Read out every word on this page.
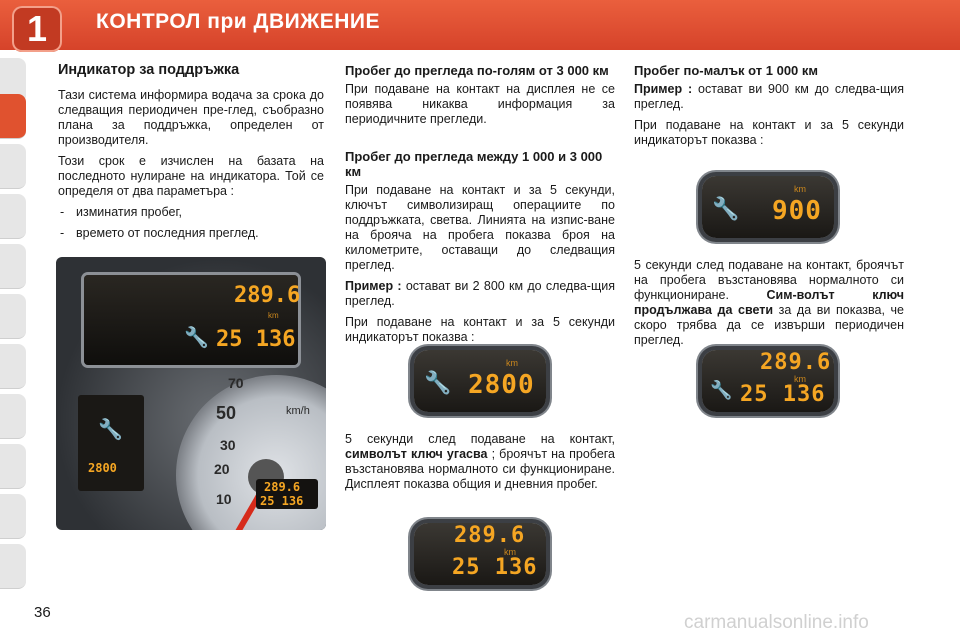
1	КОНТРОЛ при ДВИЖЕНИЕ
Индикатор за поддръжка

Тази система информира водача за срока до следващия периодичен пре-глед, съобразно плана за поддръжка, определен от производителя.

Този срок е изчислен на базата на последното нулиране на индикатора. Той се определя от два параметъра :

- изминатия пробег,
- времето от последния преглед.
289.6
km
🔧 25 136
🔧
2800
70
50
30
20
10
km/h
289.6
25 136
Пробег до прегледа по-голям от 3 000 км

При подаване на контакт на дисплея не се появява никаква информация за периодичните прегледи.

Пробег до прегледа между 1 000 и 3 000 км

При подаване на контакт и за 5 секунди, ключът символизиращ операциите по поддръжката, светва. Линията на изпис-ване на брояча на пробега показва броя на километрите, оставащи до следващия преглед.

Пример : остават ви 2 800 км до следва-щия преглед.

При подаване на контакт и за 5 секунди индикаторът показва :

5 секунди след подаване на контакт, символът ключ угасва ; броячът на пробега възстановява нормалното си функциониране. Дисплеят показва общия и дневния пробег.

Пробег по-малък от 1 000 км

Пример : остават ви 900 км до следва-щия преглед.

При подаване на контакт и за 5 секунди индикаторът показва :

5 секунди след подаване на контакт, броячът на пробега възстановява нормалното си функциониране. Сим-волът ключ продължава да свети за да ви показва, че скоро трябва да се извърши периодичен преглед.

🔧
km
2800
🔧
km
900
289.6
km
🔧 25 136
289.6
km
25 136
36	carmanualsonline.info
